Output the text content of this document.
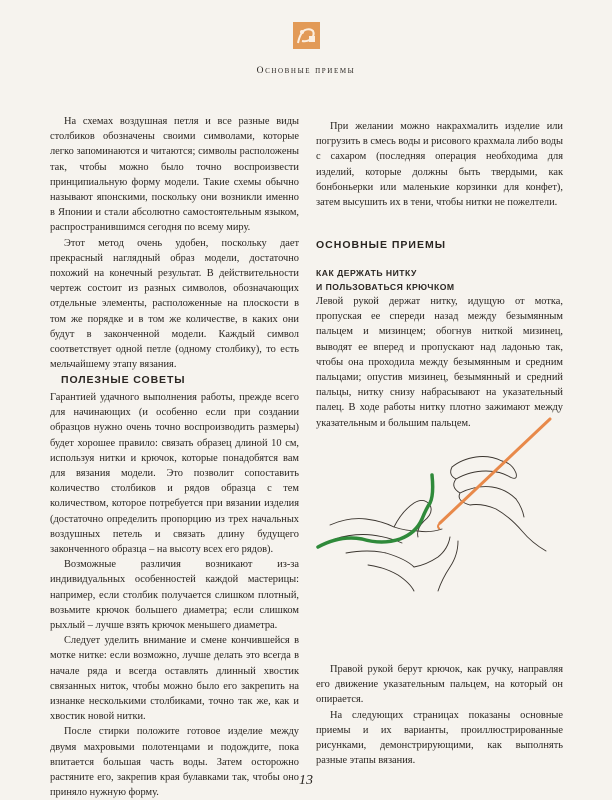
Основные приемы

На схемах воздушная петля и все разные виды столбиков обозначены своими символами, которые легко запоминаются и читаются; символы расположены так, чтобы можно было точно воспроизвести принципиальную форму модели. Такие схемы обычно называют японскими, поскольку они возникли именно в Японии и стали абсолютно самостоятельным языком, распространившимся сегодня по всему миру.

Этот метод очень удобен, поскольку дает прекрасный наглядный образ модели, достаточно похожий на конечный результат. В действительности чертеж состоит из разных символов, обозначающих отдельные элементы, расположенные на плоскости в том же порядке и в том же количестве, в каких они будут в законченной модели. Каждый символ соответствует одной петле (одному столбику), то есть мельчайшему этапу вязания.

ПОЛЕЗНЫЕ СОВЕТЫ

Гарантией удачного выполнения работы, прежде всего для начинающих (и особенно если при создании образцов нужно очень точно воспроизводить размеры) будет хорошее правило: связать образец длиной 10 см, используя нитки и крючок, которые понадобятся вам для вязания модели. Это позволит сопоставить количество столбиков и рядов образца с тем количеством, которое потребуется при вязании изделия (достаточно определить пропорцию из трех начальных воздушных петель и связать длину будущего законченного образца – на высоту всех его рядов).

Возможные различия возникают из-за индивидуальных особенностей каждой мастерицы: например, если столбик получается слишком плотный, возьмите крючок большего диаметра; если слишком рыхлый – лучше взять крючок меньшего диаметра.

Следует уделить внимание и смене кончившейся в мотке нитке: если возможно, лучше делать это всегда в начале ряда и всегда оставлять длинный хвостик связанных ниток, чтобы можно было его закрепить на изнанке несколькими столбиками, точно так же, как и хвостик новой нитки.

После стирки положите готовое изделие между двумя махровыми полотенцами и подождите, пока впитается большая часть воды. Затем осторожно растяните его, закрепив края булавками так, чтобы оно приняло нужную форму.

При желании можно накрахмалить изделие или погрузить в смесь воды и рисового крахмала либо воды с сахаром (последняя операция необходима для изделий, которые должны быть твердыми, как бонбоньерки или маленькие корзинки для конфет), затем высушить их в тени, чтобы нитки не пожелтели.

ОСНОВНЫЕ ПРИЕМЫ
КАК ДЕРЖАТЬ НИТКУ
И ПОЛЬЗОВАТЬСЯ КРЮЧКОМ

Левой рукой держат нитку, идущую от мотка, пропуская ее спереди назад между безымянным пальцем и мизинцем; обогнув ниткой мизинец, выводят ее вперед и пропускают над ладонью так, чтобы она проходила между безымянным и средним пальцами; опустив мизинец, безымянный и средний пальцы, нитку снизу набрасывают на указательный палец. В ходе работы нитку плотно зажимают между указательным и большим пальцем.

Правой рукой берут крючок, как ручку, направляя его движение указательным пальцем, на который он опирается.

На следующих страницах показаны основные приемы и их варианты, проиллюстрированные рисунками, демонстрирующими, как выполнять разные этапы вязания.

13
